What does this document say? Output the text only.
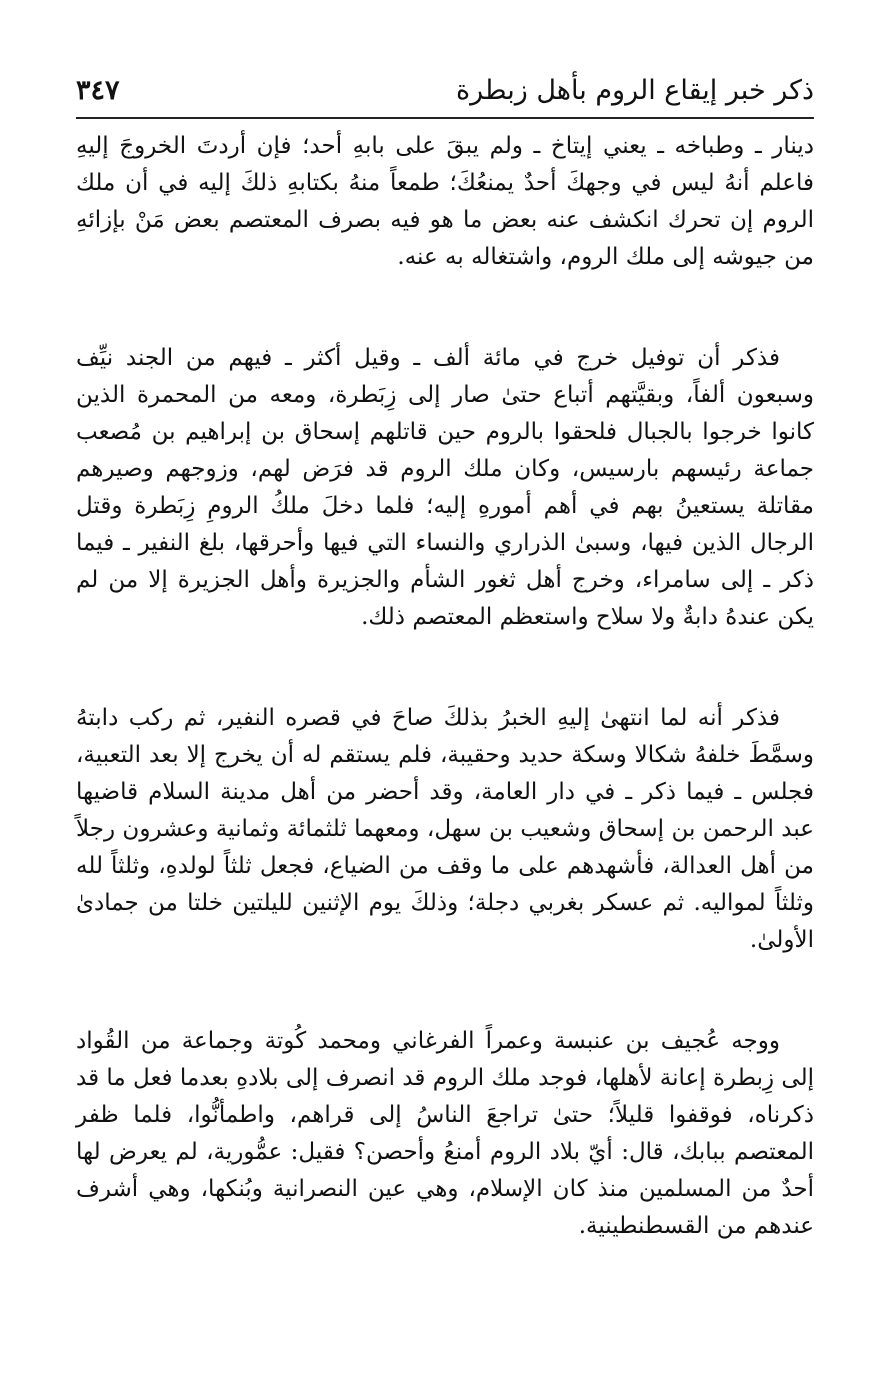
ذكر خبر إيقاع الروم بأهل زبطرة
٣٤٧

دينار ـ وطباخه ـ يعني إيتاخ ـ ولم يبقَ على بابهِ أحد؛ فإن أردتَ الخروجَ إليهِ فاعلم أنهُ ليس في وجهكَ أحدٌ يمنعُكَ؛ طمعاً منهُ بكتابهِ ذلكَ إليه في أن ملك الروم إن تحرك انكشف عنه بعض ما هو فيه بصرف المعتصم بعض مَنْ بإزائهِ من جيوشه إلى ملك الروم، واشتغاله به عنه.

فذكر أن توفيل خرج في مائة ألف ـ وقيل أكثر ـ فيهم من الجند نيِّف وسبعون ألفاً، وبقيَّتهم أتباع حتىٰ صار إلى زِبَطرة، ومعه من المحمرة الذين كانوا خرجوا بالجبال فلحقوا بالروم حين قاتلهم إسحاق بن إبراهيم بن مُصعب جماعة رئيسهم بارسيس، وكان ملك الروم قد فرَض لهم، وزوجهم وصيرهم مقاتلة يستعينُ بهم في أهم أمورهِ إليه؛ فلما دخلَ ملكُ الرومِ زِبَطرة وقتل الرجال الذين فيها، وسبىٰ الذراري والنساء التي فيها وأحرقها، بلغ النفير ـ فيما ذكر ـ إلى سامراء، وخرج أهل ثغور الشأم والجزيرة وأهل الجزيرة إلا من لم يكن عندهُ دابةٌ ولا سلاح واستعظم المعتصم ذلك.

فذكر أنه لما انتهىٰ إليهِ الخبرُ بذلكَ صاحَ في قصره النفير، ثم ركب دابتهُ وسمَّطَ خلفهُ شكالا وسكة حديد وحقيبة، فلم يستقم له أن يخرج إلا بعد التعبية، فجلس ـ فيما ذكر ـ في دار العامة، وقد أحضر من أهل مدينة السلام قاضيها عبد الرحمن بن إسحاق وشعيب بن سهل، ومعهما ثلثمائة وثمانية وعشرون رجلاً من أهل العدالة، فأشهدهم على ما وقف من الضياع، فجعل ثلثاً لولدهِ، وثلثاً لله وثلثاً لمواليه. ثم عسكر بغربي دجلة؛ وذلكَ يوم الإثنين لليلتين خلتا من جمادىٰ الأولىٰ.

ووجه عُجيف بن عنبسة وعمراً الفرغاني ومحمد كُوتة وجماعة من القُواد إلى زِبطرة إعانة لأهلها، فوجد ملك الروم قد انصرف إلى بلادهِ بعدما فعل ما قد ذكرناه، فوقفوا قليلاً؛ حتىٰ تراجعَ الناسُ إلى قراهم، واطمأنُّوا، فلما ظفر المعتصم ببابك، قال: أيّ بلاد الروم أمنعُ وأحصن؟ فقيل: عمُّورية، لم يعرض لها أحدٌ من المسلمين منذ كان الإسلام، وهي عين النصرانية وبُنكها، وهي أشرف عندهم من القسطنطينية.
